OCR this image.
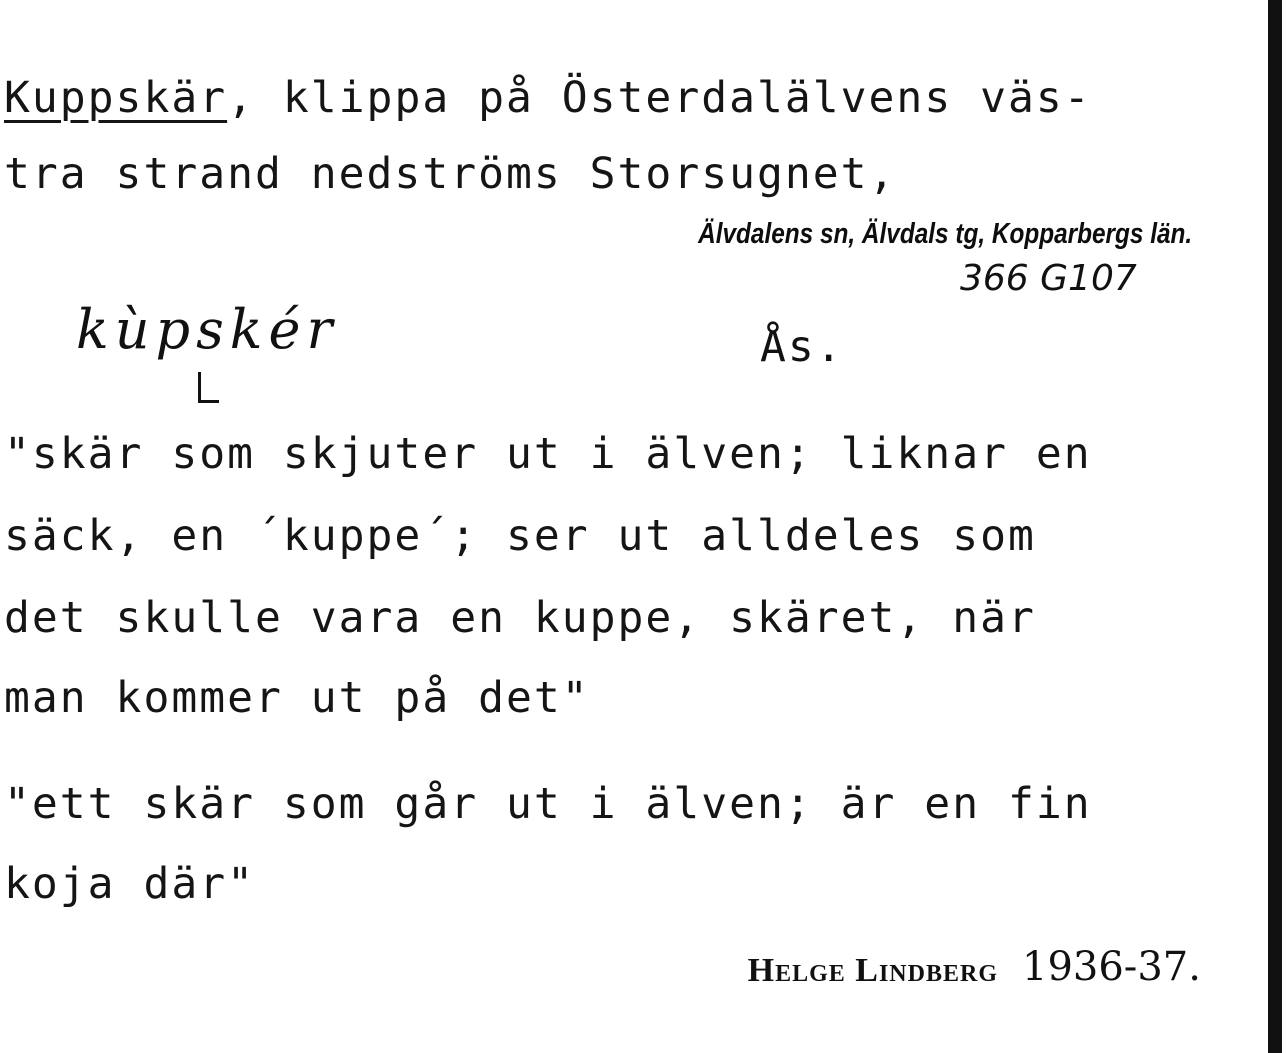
Kuppskär, klippa på Österdalälvens väs-
tra strand nedströms Storsugnet,
Älvdalens sn, Älvdals tg, Kopparbergs län.
366 G107
kùpskér	Ås.
"skär som skjuter ut i älven; liknar en
säck, en ´kuppe´; ser ut alldeles som
det skulle vara en kuppe, skäret, när
man kommer ut på det"
"ett skär som går ut i älven; är en fin
koja där"
Helge Lindberg 1936-37.
